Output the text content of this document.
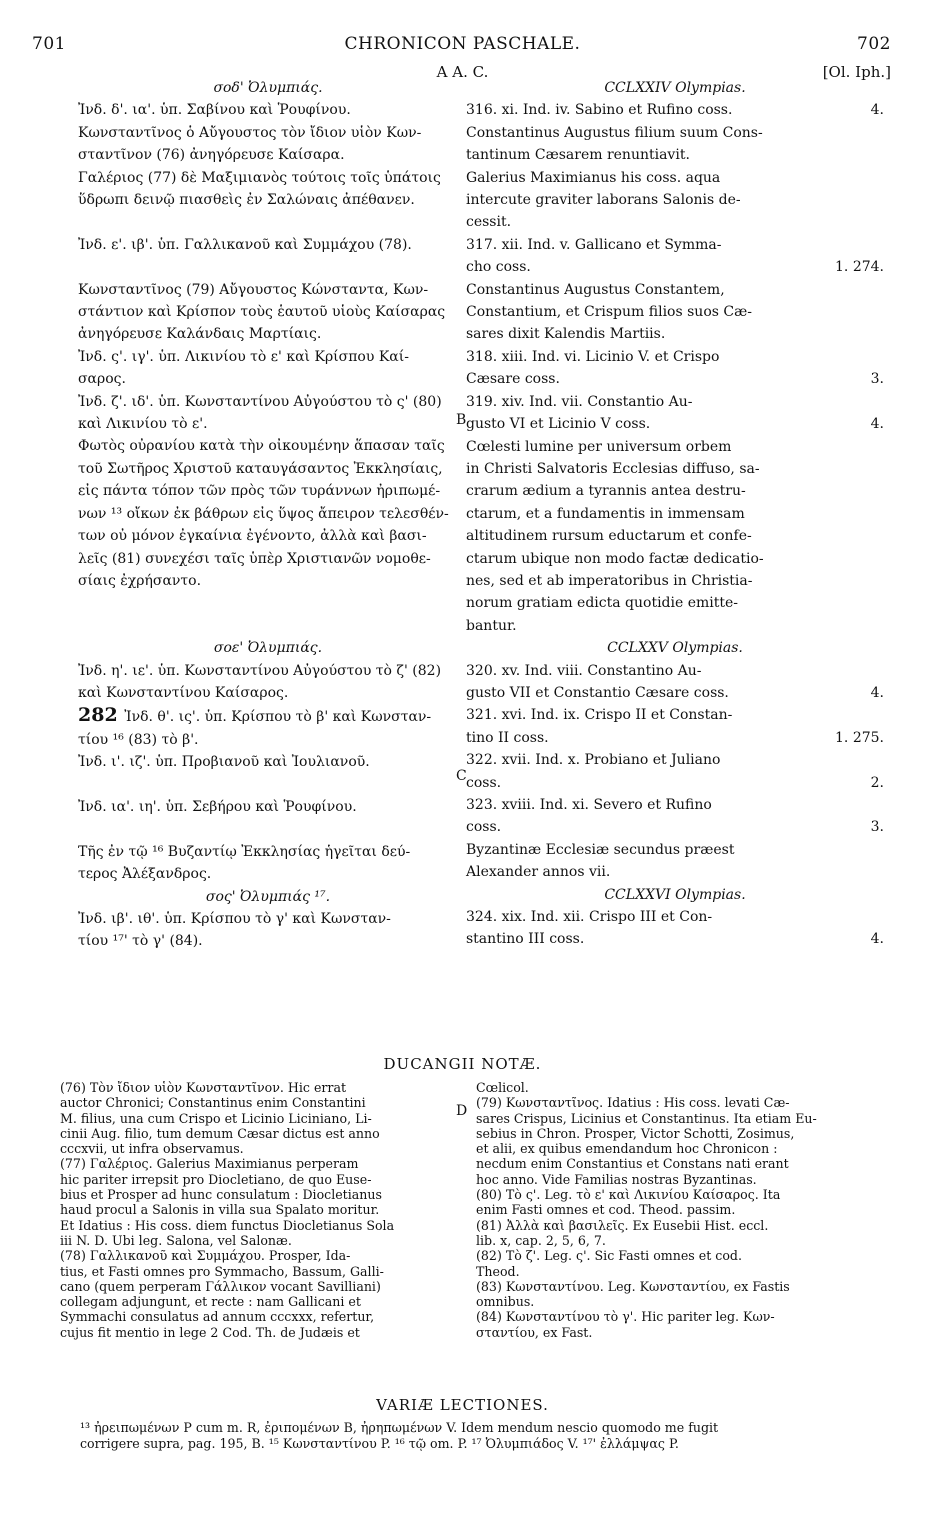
701	CHRONICON PASCHALE.	702
A A. C.	[Ol. Iph.]

σοδ' Ὀλυμπιάς.

Ἰνδ. δ'. ια'. ὑπ. Σαβίνου καὶ Ῥουφίνου.

Κωνσταντῖνος ὁ Αὔγουστος τὸν ἴδιον υἱὸν Κων-

σταντῖνον (76) ἀνηγόρευσε Καίσαρα.

Γαλέριος (77) δὲ Μαξιμιανὸς τούτοις τοῖς ὑπάτοις

ὕδρωπι δεινῷ πιασθεὶς ἐν Σαλώναις ἀπέθανεν.

Ἰνδ. ε'. ιβ'. ὑπ. Γαλλικανοῦ καὶ Συμμάχου (78).

Κωνσταντῖνος (79) Αὔγουστος Κώνσταντα, Κων-

στάντιον καὶ Κρίσπον τοὺς ἑαυτοῦ υἱοὺς Καίσαρας

ἀνηγόρευσε Καλάνδαις Μαρτίαις.

Ἰνδ. ς'. ιγ'. ὑπ. Λικινίου τὸ ε' καὶ Κρίσπου Καί-

σαρος.

Ἰνδ. ζ'. ιδ'. ὑπ. Κωνσταντίνου Αὐγούστου τὸ ς' (80)

καὶ Λικινίου τὸ ε'.

Φωτὸς οὐρανίου κατὰ τὴν οἰκουμένην ἅπασαν ταῖς

τοῦ Σωτῆρος Χριστοῦ καταυγάσαντος Ἐκκλησίαις,

εἰς πάντα τόπον τῶν πρὸς τῶν τυράννων ἠριπωμέ-

νων ¹³ οἴκων ἐκ βάθρων εἰς ὕψος ἄπειρον τελεσθέν-

των οὐ μόνον ἐγκαίνια ἐγένοντο, ἀλλὰ καὶ βασι-

λεῖς (81) συνεχέσι ταῖς ὑπὲρ Χριστιανῶν νομοθε-

σίαις ἐχρήσαντο.

σοε' Ὀλυμπιάς.

Ἰνδ. η'. ιε'. ὑπ. Κωνσταντίνου Αὐγούστου τὸ ζ' (82)

καὶ Κωνσταντίνου Καίσαρος.

282 Ἰνδ. θ'. ις'. ὑπ. Κρίσπου τὸ β' καὶ Κωνσταν-

τίου ¹⁶ (83) τὸ β'.

Ἰνδ. ι'. ιζ'. ὑπ. Προβιανοῦ καὶ Ἰουλιανοῦ.

Ἰνδ. ια'. ιη'. ὑπ. Σεβήρου καὶ Ῥουφίνου.

Τῆς ἐν τῷ ¹⁶ Βυζαντίῳ Ἐκκλησίας ἡγεῖται δεύ-

τερος Ἀλέξανδρος.

σος' Ὀλυμπιάς ¹⁷.

Ἰνδ. ιβ'. ιθ'. ὑπ. Κρίσπου τὸ γ' καὶ Κωνσταν-

τίου ¹⁷' τὸ γ' (84).

CCLXXIV Olympias.

316. xi. Ind. iv. Sabino et Rufino coss.	4.

Constantinus Augustus filium suum Cons-

tantinum Cæsarem renuntiavit.

Galerius Maximianus his coss. aqua

intercute graviter laborans Salonis de-

cessit.

317. xii. Ind. v. Gallicano et Symma-

cho coss.	1. 274.

Constantinus Augustus Constantem,

Constantium, et Crispum filios suos Cæ-

sares dixit Kalendis Martiis.

318. xiii. Ind. vi. Licinio V. et Crispo

Cæsare coss.	3.

319. xiv. Ind. vii. Constantio Au-

gusto VI et Licinio V coss.	4.

Cœlesti lumine per universum orbem

in Christi Salvatoris Ecclesias diffuso, sa-

crarum ædium a tyrannis antea destru-

ctarum, et a fundamentis in immensam

altitudinem rursum eductarum et confe-

ctarum ubique non modo factæ dedicatio-

nes, sed et ab imperatoribus in Christia-

norum gratiam edicta quotidie emitte-

bantur.

CCLXXV Olympias.

320. xv. Ind. viii. Constantino Au-

gusto VII et Constantio Cæsare coss.	4.

321. xvi. Ind. ix. Crispo II et Constan-

tino II coss.	1. 275.

322. xvii. Ind. x. Probiano et Juliano

coss.	2.

323. xviii. Ind. xi. Severo et Rufino

coss.	3.

Byzantinæ Ecclesiæ secundus præest

Alexander annos vii.

CCLXXVI Olympias.

324. xix. Ind. xii. Crispo III et Con-

stantino III coss.	4.

B
C
D
DUCANGII NOTÆ.

(76) Τὸν ἴδιον υἱὸν Κωνσταντῖνον. Hic errat

auctor Chronici; Constantinus enim Constantini

M. filius, una cum Crispo et Licinio Liciniano, Li-

cinii Aug. filio, tum demum Cæsar dictus est anno

cccxvii, ut infra observamus.

(77) Γαλέριος. Galerius Maximianus perperam

hic pariter irrepsit pro Diocletiano, de quo Euse-

bius et Prosper ad hunc consulatum : Diocletianus

haud procul a Salonis in villa sua Spalato moritur.

Et Idatius : His coss. diem functus Diocletianus Sola

iii N. D. Ubi leg. Salona, vel Salonæ.

(78) Γαλλικανοῦ καὶ Συμμάχου. Prosper, Ida-

tius, et Fasti omnes pro Symmacho, Bassum, Galli-

cano (quem perperam Γάλλικον vocant Savilliani)

collegam adjungunt, et recte : nam Gallicani et

Symmachi consulatus ad annum cccxxx, refertur,

cujus fit mentio in lege 2 Cod. Th. de Judæis et

Cœlicol.

(79) Κωνσταντῖνος. Idatius : His coss. levati Cæ-

sares Crispus, Licinius et Constantinus. Ita etiam Eu-

sebius in Chron. Prosper, Victor Schotti, Zosimus,

et alii, ex quibus emendandum hoc Chronicon :

necdum enim Constantius et Constans nati erant

hoc anno. Vide Familias nostras Byzantinas.

(80) Τὸ ς'. Leg. τὸ ε' καὶ Λικινίου Καίσαρος. Ita

enim Fasti omnes et cod. Theod. passim.

(81) Ἀλλὰ καὶ βασιλεῖς. Ex Eusebii Hist. eccl.

lib. x, cap. 2, 5, 6, 7.

(82) Τὸ ζ'. Leg. ς'. Sic Fasti omnes et cod.

Theod.

(83) Κωνσταντίνου. Leg. Κωνσταντίου, ex Fastis

omnibus.

(84) Κωνσταντίνου τὸ γ'. Hic pariter leg. Κων-

σταντίου, ex Fast.

VARIÆ LECTIONES.

¹³ ἠρειπωμένων P cum m. R, ἐριπομένων B, ἠρηπωμένων V. Idem mendum nescio quomodo me fugit

corrigere supra, pag. 195, B. ¹⁵ Κωνσταντίνου P. ¹⁶ τῷ om. P. ¹⁷ Ὀλυμπιάδος V. ¹⁷' ἐλλάμψας P.
